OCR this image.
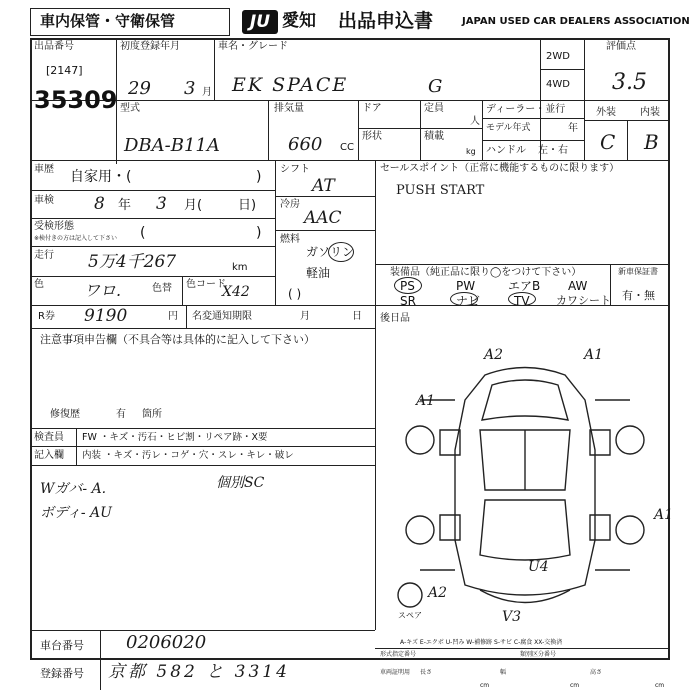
車内保管・守衛保管	JU 愛知 出品申込書	JAPAN USED CAR DEALERS ASSOCIATION
出品番号
[2147]
35309
初度登録年月
29 3 月
車名・グレード
EK SPACE	G
2WD
4WD
評価点
3.5
型式
DBA-B11A
排気量
660 CC
ドア	定員
人
形状	積載
kg
ディーラー・並行
モデル年式	年
ハンドル 左・右
外装 内装
C B
車歴 自家用・(	)
車検 8 年 3 月(	日)
受検形態
※検付きの方は記入して下さい (	)
走行 5万4千267	km
色	ワロ.	色替 色コード
X42
シフト
AT
冷房
AAC
燃料
ガソリン
軽油
( )
セールスポイント（正常に機能するものに限ります）
PUSH START
装備品（純正品に限り◯をつけて下さい）
PS	PW	エアB AW
SR	ナビ	TV カワシート
新車保証書
有・無
R券 9190	円 名変通知期限	月	日
注意事項申告欄（不具合等は具体的に記入して下さい）
修復歴	有 箇所
後日品
検査員
記入欄
FW ・キズ・汚石・ヒビ割・リペア跡・X要
内装 ・キズ・汚レ・コゲ・穴・スレ・キレ・破レ
Wガバ- A.
ボディ- AU
個別SC
A2	A1
A1
A1
A2
U4
V3
スペア
A-キズ E-エクボ U-凹み W-補修跡 S-サビ C-腐食 XX-交換済
車台番号 0206020
登録番号 京都 582 と 3314
形式指定番号	類別区分番号
車両証明用 長さ	幅	高さ
cm	cm	cm
